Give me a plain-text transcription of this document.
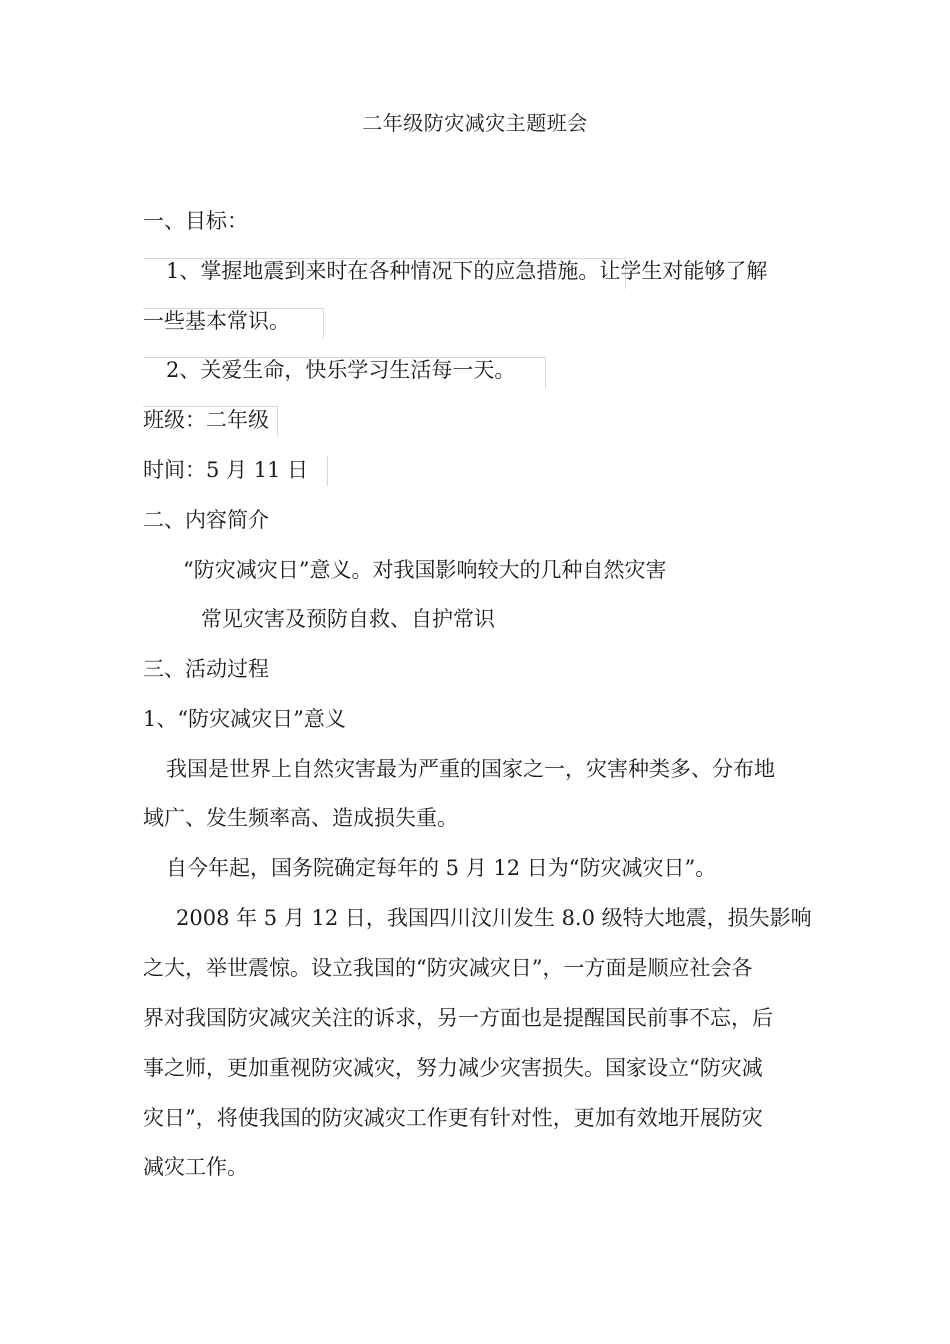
二年级防灾减灾主题班会
一、目标：
1、掌握地震到来时在各种情况下的应急措施。让学生对能够了解
一些基本常识。
2、关爱生命，快乐学习生活每一天。
班级：二年级
时间：5 月 11 日
二、内容简介
“防灾减灾日”意义。对我国影响较大的几种自然灾害
常见灾害及预防自救、自护常识
三、活动过程
1、“防灾减灾日”意义
我国是世界上自然灾害最为严重的国家之一，灾害种类多、分布地
域广、发生频率高、造成损失重。
自今年起，国务院确定每年的 5 月 12 日为“防灾减灾日”。
2008 年 5 月 12 日，我国四川汶川发生 8.0 级特大地震，损失影响
之大，举世震惊。设立我国的“防灾减灾日”，一方面是顺应社会各
界对我国防灾减灾关注的诉求，另一方面也是提醒国民前事不忘，后
事之师，更加重视防灾减灾，努力减少灾害损失。国家设立“防灾减
灾日”，将使我国的防灾减灾工作更有针对性，更加有效地开展防灾
减灾工作。
